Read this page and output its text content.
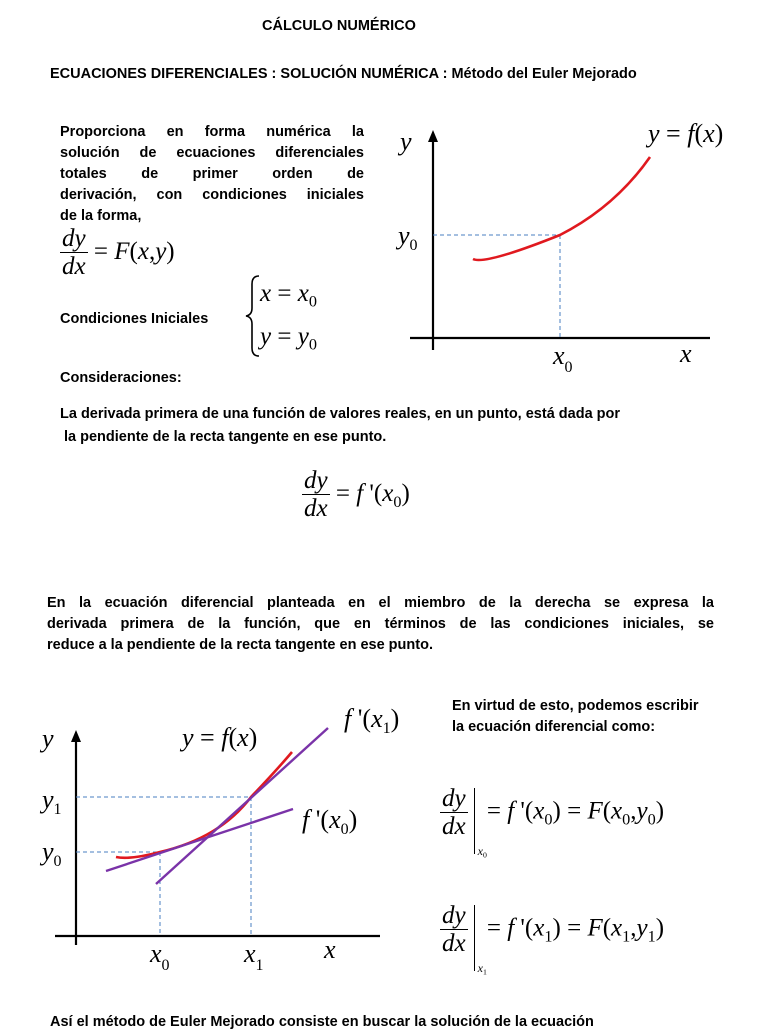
CÁLCULO NUMÉRICO
ECUACIONES DIFERENCIALES : SOLUCIÓN NUMÉRICA : Método del Euler Mejorado
Proporciona en forma numérica la
solución de ecuaciones diferenciales
totales de primer orden de
derivación, con condiciones iniciales
de la forma,
$\frac{dy}{dx} = F(x,y)$
Condiciones Iniciales
$x = x_0$
$y = y_0$
y	y = f(x)
$y_0$
$x_0$	x
Consideraciones:
La derivada primera de una función de valores reales, en un punto, está dada por
la pendiente de la recta tangente en ese punto.
$\frac{dy}{dx} = f$ '$(x_0)$
En la ecuación diferencial planteada en el miembro de la derecha se expresa la
derivada primera de la función, que en términos de las condiciones iniciales, se
reduce a la pendiente de la recta tangente en ese punto.
y	y = f(x)
f '$(x_1)$
f '$(x_0)$
$y_1$
$y_0$
$x_0$	$x_1$
x
En virtud de esto, podemos escribir
la ecuación diferencial como:
$\frac{dy}{dx}$
$x_0$
= f '$(x_0) = F(x_0,y_0)$
$\frac{dy}{dx}$
$x_1$
= f '$(x_1) = F(x_1,y_1)$
Así el método de Euler Mejorado consiste en buscar la solución de la ecuación
